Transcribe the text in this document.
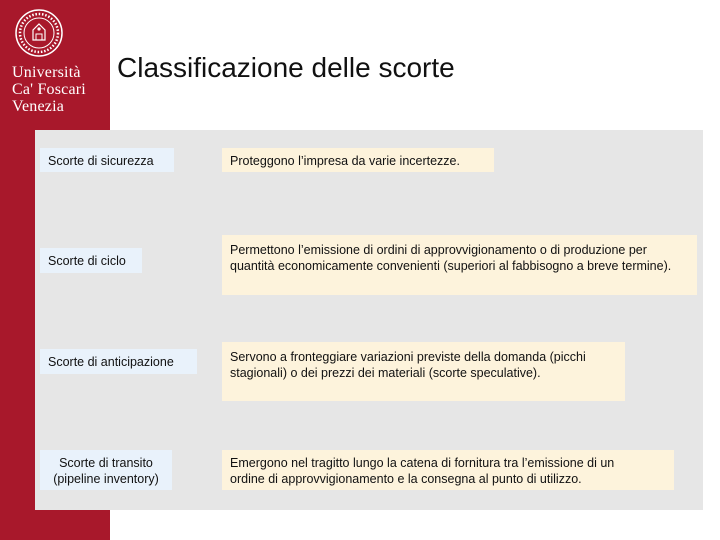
Università
Ca' Foscari
Venezia
Classificazione delle scorte
Scorte di sicurezza	Proteggono l’impresa da varie incertezze.
Scorte di ciclo
Permettono l’emissione di ordini di approvvigionamento o di produzione per
quantità economicamente convenienti (superiori al fabbisogno a breve termine).
Scorte di anticipazione	Servono a fronteggiare variazioni previste della domanda (picchi
stagionali) o dei prezzi dei materiali (scorte speculative).
Scorte di transito
(pipeline inventory)
Emergono nel tragitto lungo la catena di fornitura tra l’emissione di un
ordine di approvvigionamento e la consegna al punto di utilizzo.
